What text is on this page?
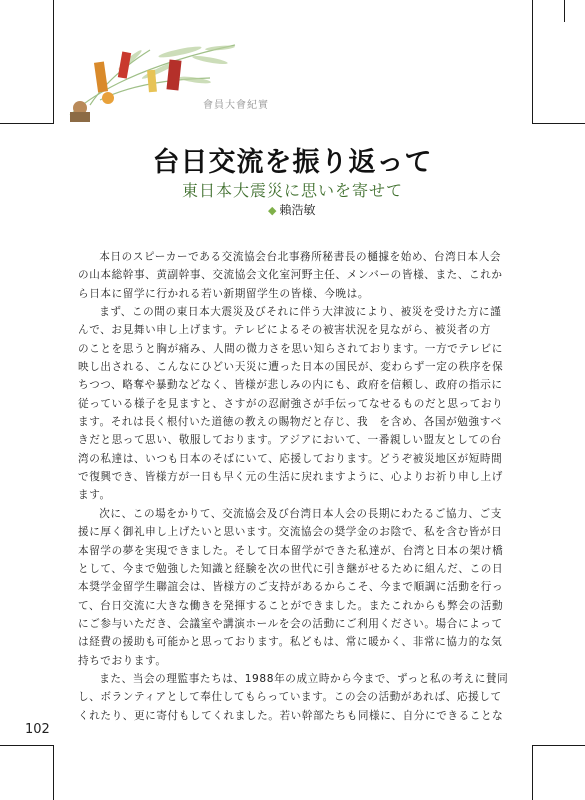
會員大會紀實
台日交流を振り返って
東日本大震災に思いを寄せて
◆ 賴浩敏

本日のスピーカーである交流協会台北事務所秘書長の樋據を始め、台湾日本人会の山本総幹事、黄副幹事、交流協会文化室河野主任、メンバーの皆様、また、これから日本に留学に行かれる若い新期留学生の皆様、今晩は。

まず、この間の東日本大震災及びそれに伴う大津波により、被災を受けた方に謹んで、お見舞い申し上げます。テレビによるその被害状況を見ながら、被災者の方　のことを思うと胸が痛み、人間の微力さを思い知らされております。一方でテレビに映し出される、こんなにひどい天災に遭った日本の国民が、変わらず一定の秩序を保ちつつ、略奪や暴動などなく、皆様が悲しみの内にも、政府を信頼し、政府の指示に従っている様子を見ますと、さすがの忍耐強さが手伝ってなせるものだと思っております。それは長く根付いた道徳の教えの賜物だと存じ、我　を含め、各国が勉強すべきだと思って思い、敬服しております。アジアにおいて、一番親しい盟友としての台湾の私達は、いつも日本のそばにいて、応援しております。どうぞ被災地区が短時間で復興でき、皆様方が一日も早く元の生活に戻れますように、心よりお祈り申し上げます。

次に、この場をかりて、交流協会及び台湾日本人会の長期にわたるご協力、ご支援に厚く御礼申し上げたいと思います。交流協会の奨学金のお陰で、私を含む皆が日本留学の夢を実現できました。そして日本留学ができた私達が、台湾と日本の架け橋として、今まで勉強した知識と経験を次の世代に引き継がせるために組んだ、この日本奨学金留学生聯誼会は、皆様方のご支持があるからこそ、今まで順調に活動を行って、台日交流に大きな働きを発揮することができました。またこれからも弊会の活動にご参与いただき、会議室や講演ホールを会の活動にご利用ください。場合によっては経費の援助も可能かと思っております。私どもは、常に暖かく、非常に協力的な気持ちでおります。

また、当会の理監事たちは、1988年の成立時から今まで、ずっと私の考えに賛同し、ボランティアとして奉仕してもらっています。この会の活動があれば、応援してくれたり、更に寄付もしてくれました。若い幹部たちも同様に、自分にできることな

102
